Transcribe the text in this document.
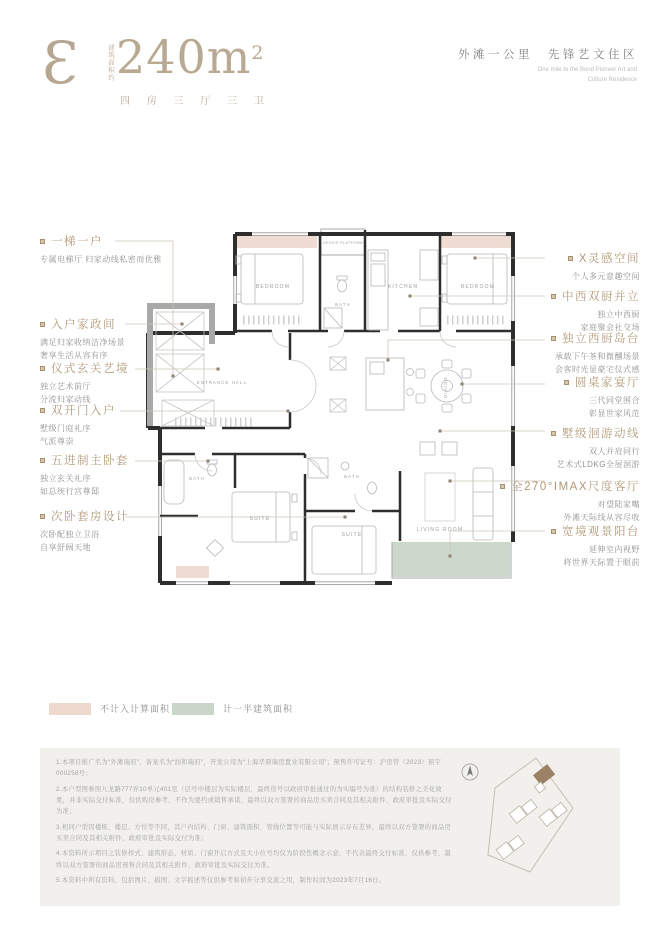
Ɛ	建筑面积约 $240m^2$
四 房 三 厅 三 卫
外滩一公里　先锋艺文住区
One mile to the Bund Pioneer Art and
Culture Residence
一梯一户
专属电梯厅 归家动线私密而优雅
入户家政间
满足归家收纳洁净场景
奢享生活从容有序
仪式玄关艺境
独立艺术前厅
分流归家动线
双开门入户
墅级门庭礼序
气派尊崇
五进制主卧套
独立玄关礼序
如总统行宫尊邸
次卧套房设计
次卧配独立卫浴
自享舒阔天地
X灵感空间
个人多元意趣空间
中西双厨并立
独立中西厨
家庭聚会社交场
独立西厨岛台
承载下午茶和微醺场景
会客时光显豪宅仪式感
圆桌家宴厅
三代同堂围合
彰显世家风范
墅级洄游动线
双人并肩同行
艺术式LDKG全屋洄游
全270°IMAX尺度客厅
对望陆家嘴
外滩天际线从容尽收
宽境观景阳台
延伸室内视野
将世界天际置于眼前
BEDROOM
DEVICE PLATFORM
BATH
KITCHEN	BEDROOM
ENTRANCE HALL	DINING
BATH
SUITE
BATH
SUITE
LIVING ROOM
不计入计算面积	计一半建筑面积

1.本项目推广名为“外滩瑞府”，备案名为“润和瑞府”，开发公司为“上海华鼎瑞房置业有限公司”；预售许可证号：沪房管（2023）预字000258号；

2.本户型图参照九龙路777弄10单元401室（层号中楼层为实际楼层，最终房号以政府审批通过的为实编号为准）的结构装修之美化效果，并非实际交付标准，仅供购房参考，不作为要约或销售承诺，最终以双方签署的商品房买卖合同及其相关附件、政府审批及实际交付为准；

3.相同户型因楼栋、楼层、方位等不同，其户内结构、门窗、建筑面积、管线位置等可能与实际展示存在差异，最终以双方签署的商品房买卖合同及其相关附件、政府审批及实际交付为准；

4.本资料所示项目之装修样式、建筑形态、材质、门窗开启方式及大小位号均仅为阶段性概念示意，不代表最终交付标准，仅供参考，最终以双方签署的商品房预售合同及其相关附件、政府审批及实际交付为准。

5.本资料中所有资料，包括图片、描图、文字描述等仅供参考和初步分享交流之用，制作时间为2023年7月16日。
